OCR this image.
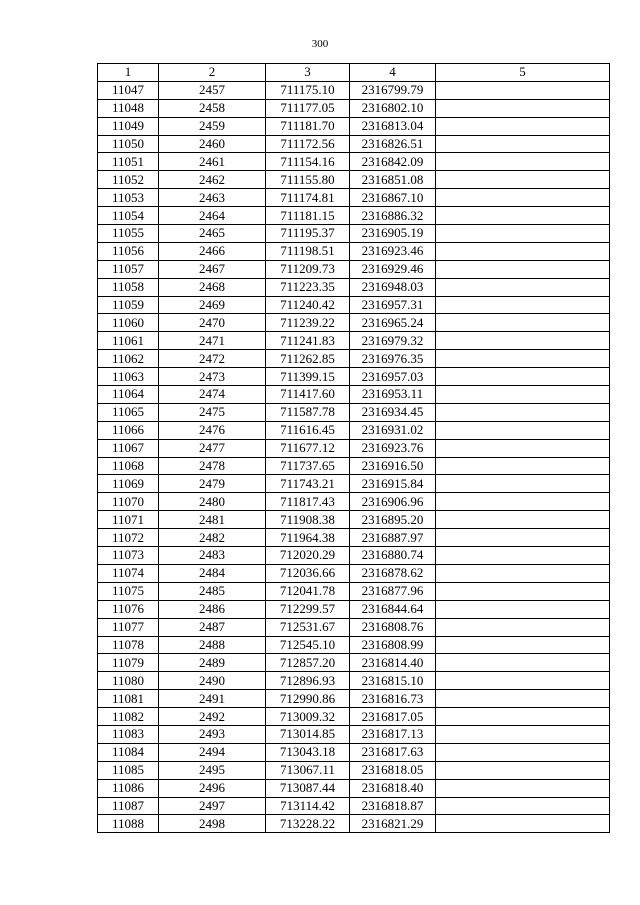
300
1	2	3	4	5
11047	2457	711175.10	2316799.79	
11048	2458	711177.05	2316802.10	
11049	2459	711181.70	2316813.04	
11050	2460	711172.56	2316826.51	
11051	2461	711154.16	2316842.09	
11052	2462	711155.80	2316851.08	
11053	2463	711174.81	2316867.10	
11054	2464	711181.15	2316886.32	
11055	2465	711195.37	2316905.19	
11056	2466	711198.51	2316923.46	
11057	2467	711209.73	2316929.46	
11058	2468	711223.35	2316948.03	
11059	2469	711240.42	2316957.31	
11060	2470	711239.22	2316965.24	
11061	2471	711241.83	2316979.32	
11062	2472	711262.85	2316976.35	
11063	2473	711399.15	2316957.03	
11064	2474	711417.60	2316953.11	
11065	2475	711587.78	2316934.45	
11066	2476	711616.45	2316931.02	
11067	2477	711677.12	2316923.76	
11068	2478	711737.65	2316916.50	
11069	2479	711743.21	2316915.84	
11070	2480	711817.43	2316906.96	
11071	2481	711908.38	2316895.20	
11072	2482	711964.38	2316887.97	
11073	2483	712020.29	2316880.74	
11074	2484	712036.66	2316878.62	
11075	2485	712041.78	2316877.96	
11076	2486	712299.57	2316844.64	
11077	2487	712531.67	2316808.76	
11078	2488	712545.10	2316808.99	
11079	2489	712857.20	2316814.40	
11080	2490	712896.93	2316815.10	
11081	2491	712990.86	2316816.73	
11082	2492	713009.32	2316817.05	
11083	2493	713014.85	2316817.13	
11084	2494	713043.18	2316817.63	
11085	2495	713067.11	2316818.05	
11086	2496	713087.44	2316818.40	
11087	2497	713114.42	2316818.87	
11088	2498	713228.22	2316821.29	
